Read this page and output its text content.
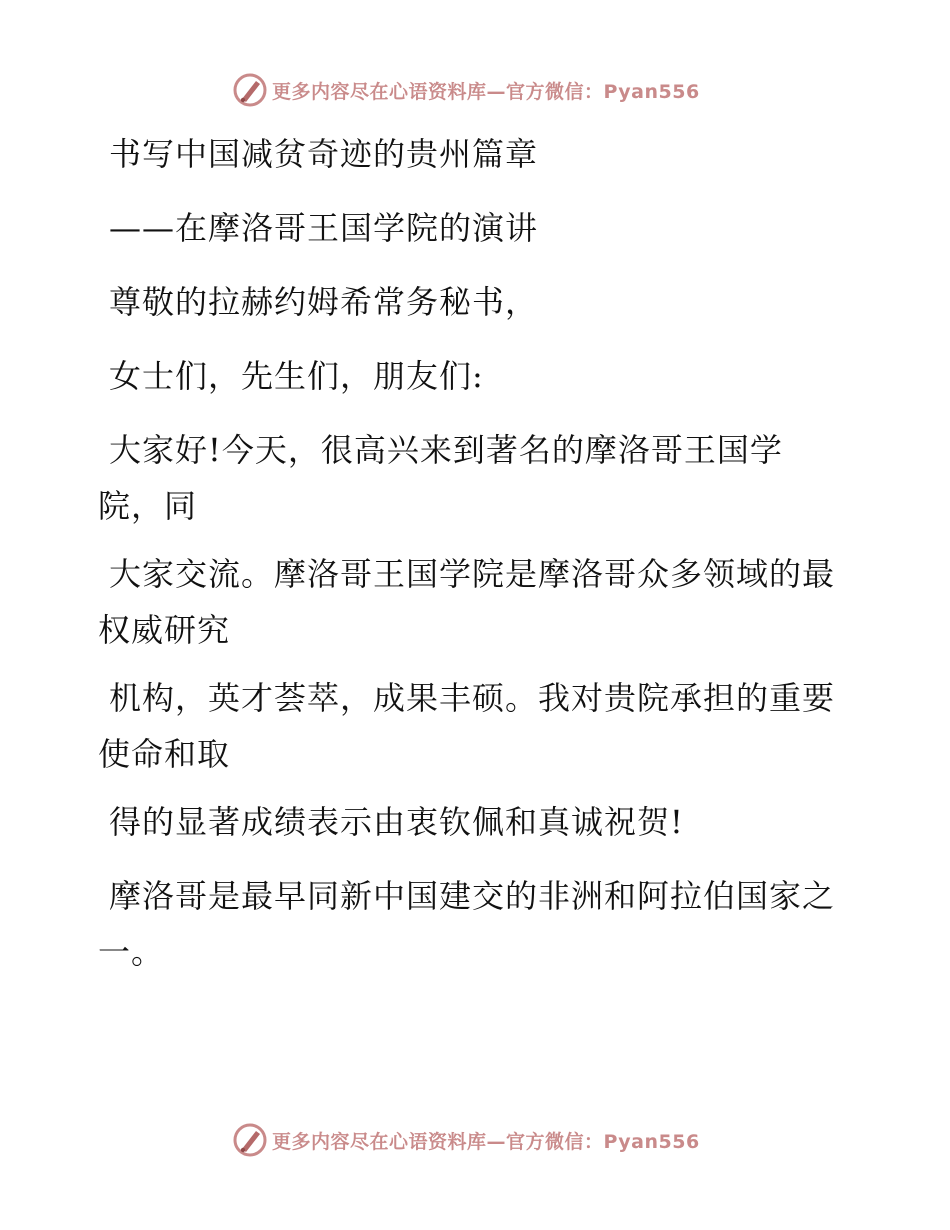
更多内容尽在心语资料库—官方微信：Pyan556

书写中国减贫奇迹的贵州篇章

——在摩洛哥王国学院的演讲

尊敬的拉赫约姆希常务秘书，

女士们，先生们，朋友们:

大家好!今天，很高兴来到著名的摩洛哥王国学院，同

大家交流。摩洛哥王国学院是摩洛哥众多领域的最权威研究

机构，英才荟萃，成果丰硕。我对贵院承担的重要使命和取

得的显著成绩表示由衷钦佩和真诚祝贺!

摩洛哥是最早同新中国建交的非洲和阿拉伯国家之一。

更多内容尽在心语资料库—官方微信：Pyan556
